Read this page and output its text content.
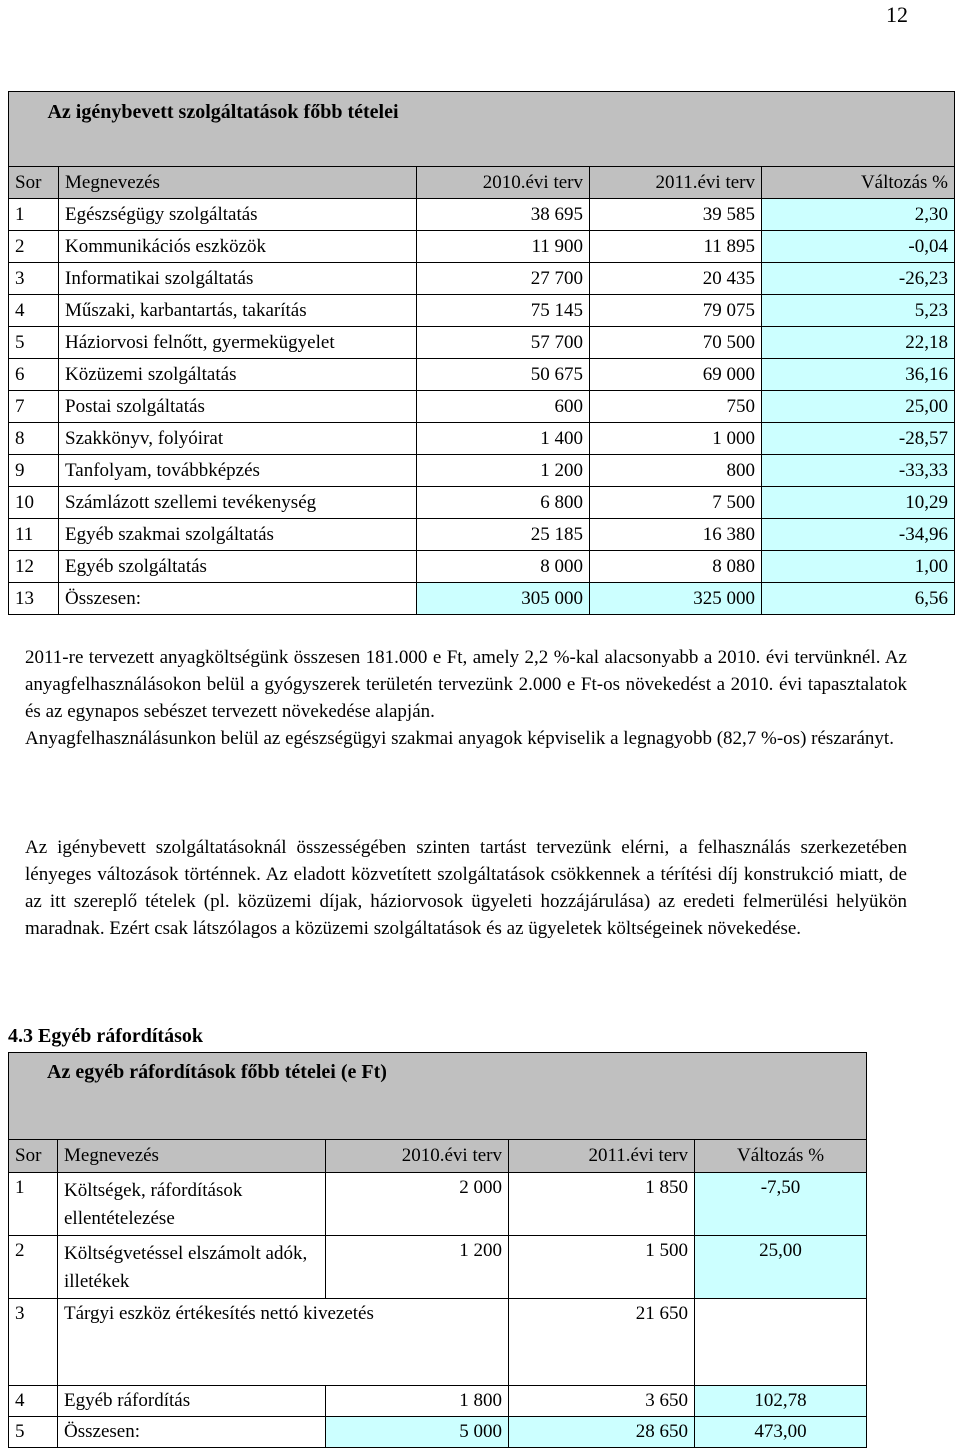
12
Az igénybevett szolgáltatások főbb tételei				
Sor	Megnevezés	2010.évi terv	2011.évi terv	Változás %
1	Egészségügy szolgáltatás	38 695	39 585	2,30
2	Kommunikációs eszközök	11 900	11 895	-0,04
3	Informatikai szolgáltatás	27 700	20 435	-26,23
4	Műszaki, karbantartás, takarítás	75 145	79 075	5,23
5	Háziorvosi felnőtt, gyermekügyelet	57 700	70 500	22,18
6	Közüzemi szolgáltatás	50 675	69 000	36,16
7	Postai szolgáltatás	600	750	25,00
8	Szakkönyv, folyóirat	1 400	1 000	-28,57
9	Tanfolyam, továbbképzés	1 200	800	-33,33
10	Számlázott szellemi tevékenység	6 800	7 500	10,29
11	Egyéb szakmai szolgáltatás	25 185	16 380	-34,96
12	Egyéb szolgáltatás	8 000	8 080	1,00
13	Összesen:	305 000	325 000	6,56

2011-re tervezett anyagköltségünk összesen 181.000 e Ft, amely 2,2 %-kal alacsonyabb a 2010. évi tervünknél. Az anyagfelhasználásokon belül a gyógyszerek területén tervezünk 2.000 e Ft-os növekedést a 2010. évi tapasztalatok és az egynapos sebészet tervezett növekedése alapján.

Anyagfelhasználásunkon belül az egészségügyi szakmai anyagok képviselik a legnagyobb (82,7 %-os) részarányt.

Az igénybevett szolgáltatásoknál összességében szinten tartást tervezünk elérni, a felhasználás szerkezetében lényeges változások történnek. Az eladott közvetített szolgáltatások csökkennek a térítési díj konstrukció miatt, de az itt szereplő tételek (pl. közüzemi díjak, háziorvosok ügyeleti hozzájárulása) az eredeti felmerülési helyükön maradnak. Ezért csak látszólagos a közüzemi szolgáltatások és az ügyeletek költségeinek növekedése.

4.3 Egyéb ráfordítások
Az egyéb ráfordítások főbb tételei (e Ft)				
Sor	Megnevezés	2010.évi terv	2011.évi terv	Változás %
1	Költségek, ráfordítások ellentételezése	2 000	1 850	-7,50
2	Költségvetéssel elszámolt adók, illetékek	1 200	1 500	25,00
3	Tárgyi eszköz értékesítés nettó kivezetés		21 650	
4	Egyéb ráfordítás	1 800	3 650	102,78
5	Összesen:	5 000	28 650	473,00
